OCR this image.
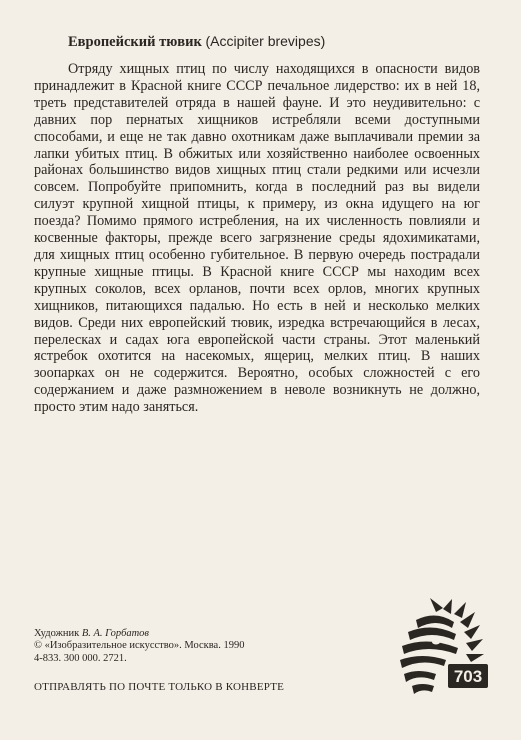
Европейский тювик (Accipiter brevipes)

Отряду хищных птиц по числу находящихся в опасности видов принадлежит в Красной книге СССР печальное лидерство: их в ней 18, треть представителей отряда в нашей фауне. И это неудивительно: с давних пор пернатых хищников истребляли всеми доступными способами, и еще не так давно охотникам даже выплачивали премии за лапки убитых птиц. В обжитых или хозяйственно наиболее освоенных районах большинство видов хищных птиц стали редкими или исчезли совсем. Попробуйте припомнить, когда в последний раз вы видели силуэт крупной хищной птицы, к примеру, из окна идущего на юг поезда? Помимо прямого истребления, на их численность повлияли и косвенные факторы, прежде всего загрязнение среды ядохимикатами, для хищных птиц особенно губительное. В первую очередь пострадали крупные хищные птицы. В Красной книге СССР мы находим всех крупных соколов, всех орланов, почти всех орлов, многих крупных хищников, питающихся падалью. Но есть в ней и несколько мелких видов. Среди них европейский тювик, изредка встречающийся в лесах, перелесках и садах юга европейской части страны. Этот маленький ястребок охотится на насекомых, ящериц, мелких птиц. В наших зоопарках он не содержится. Вероятно, особых сложностей с его содержанием и даже размножением в неволе возникнуть не должно, просто этим надо заняться.

Художник В. А. Горбатов
© «Изобразительное искусство». Москва. 1990
4-833. 300 000. 2721.
ОТПРАВЛЯТЬ ПО ПОЧТЕ ТОЛЬКО В КОНВЕРТЕ
703
